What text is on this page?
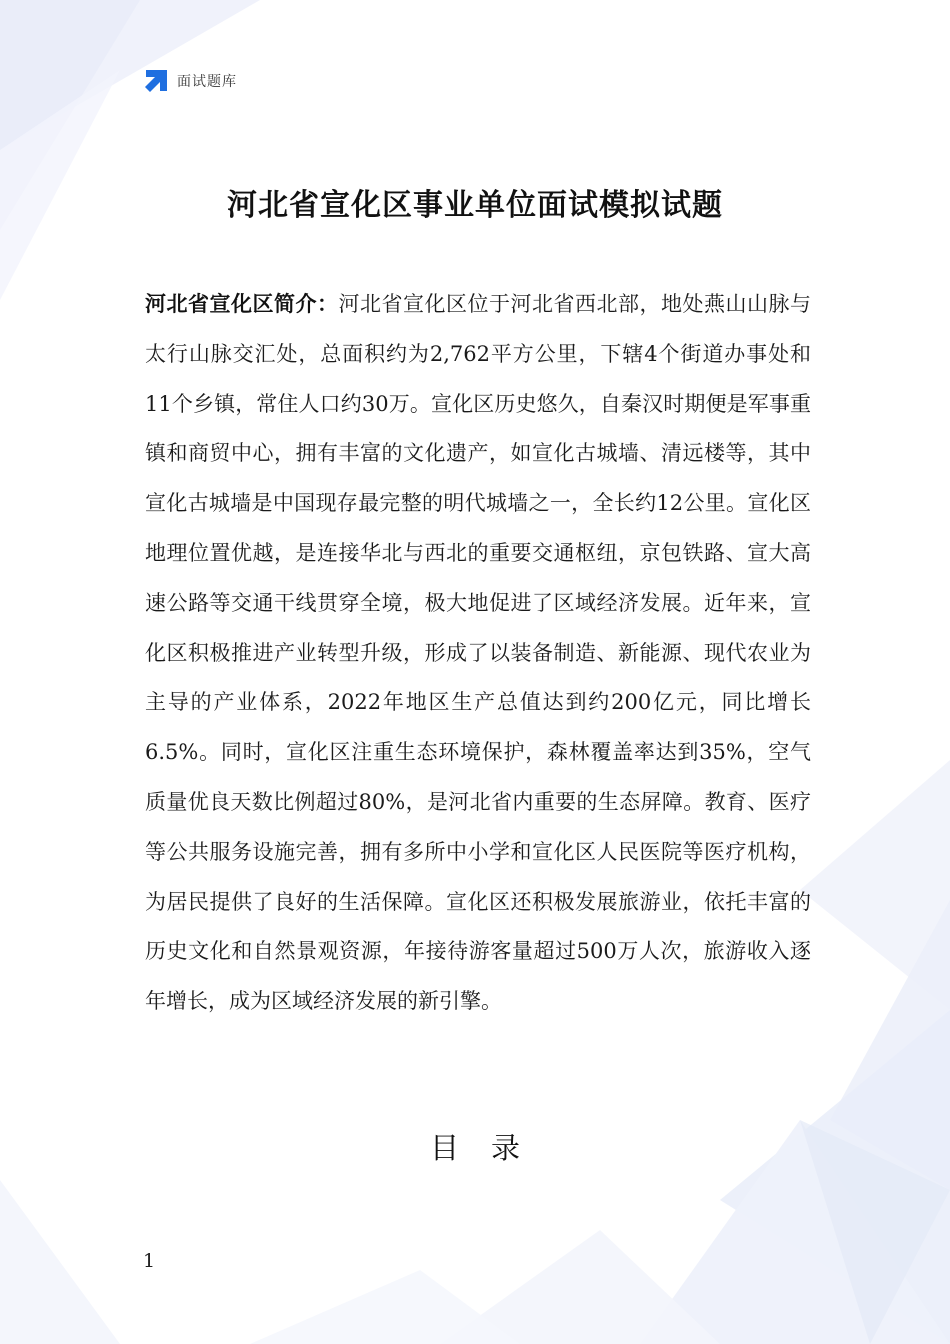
面试题库
河北省宣化区事业单位面试模拟试题

河北省宣化区简介：河北省宣化区位于河北省西北部，地处燕山山脉与太行山脉交汇处，总面积约为2,762平方公里，下辖4个街道办事处和11个乡镇，常住人口约30万。宣化区历史悠久，自秦汉时期便是军事重镇和商贸中心，拥有丰富的文化遗产，如宣化古城墙、清远楼等，其中宣化古城墙是中国现存最完整的明代城墙之一，全长约12公里。宣化区地理位置优越，是连接华北与西北的重要交通枢纽，京包铁路、宣大高速公路等交通干线贯穿全境，极大地促进了区域经济发展。近年来，宣化区积极推进产业转型升级，形成了以装备制造、新能源、现代农业为主导的产业体系，2022年地区生产总值达到约200亿元，同比增长6.5%。同时，宣化区注重生态环境保护，森林覆盖率达到35%，空气质量优良天数比例超过80%，是河北省内重要的生态屏障。教育、医疗等公共服务设施完善，拥有多所中小学和宣化区人民医院等医疗机构，为居民提供了良好的生活保障。宣化区还积极发展旅游业，依托丰富的历史文化和自然景观资源，年接待游客量超过500万人次，旅游收入逐年增长，成为区域经济发展的新引擎。

目录
1
